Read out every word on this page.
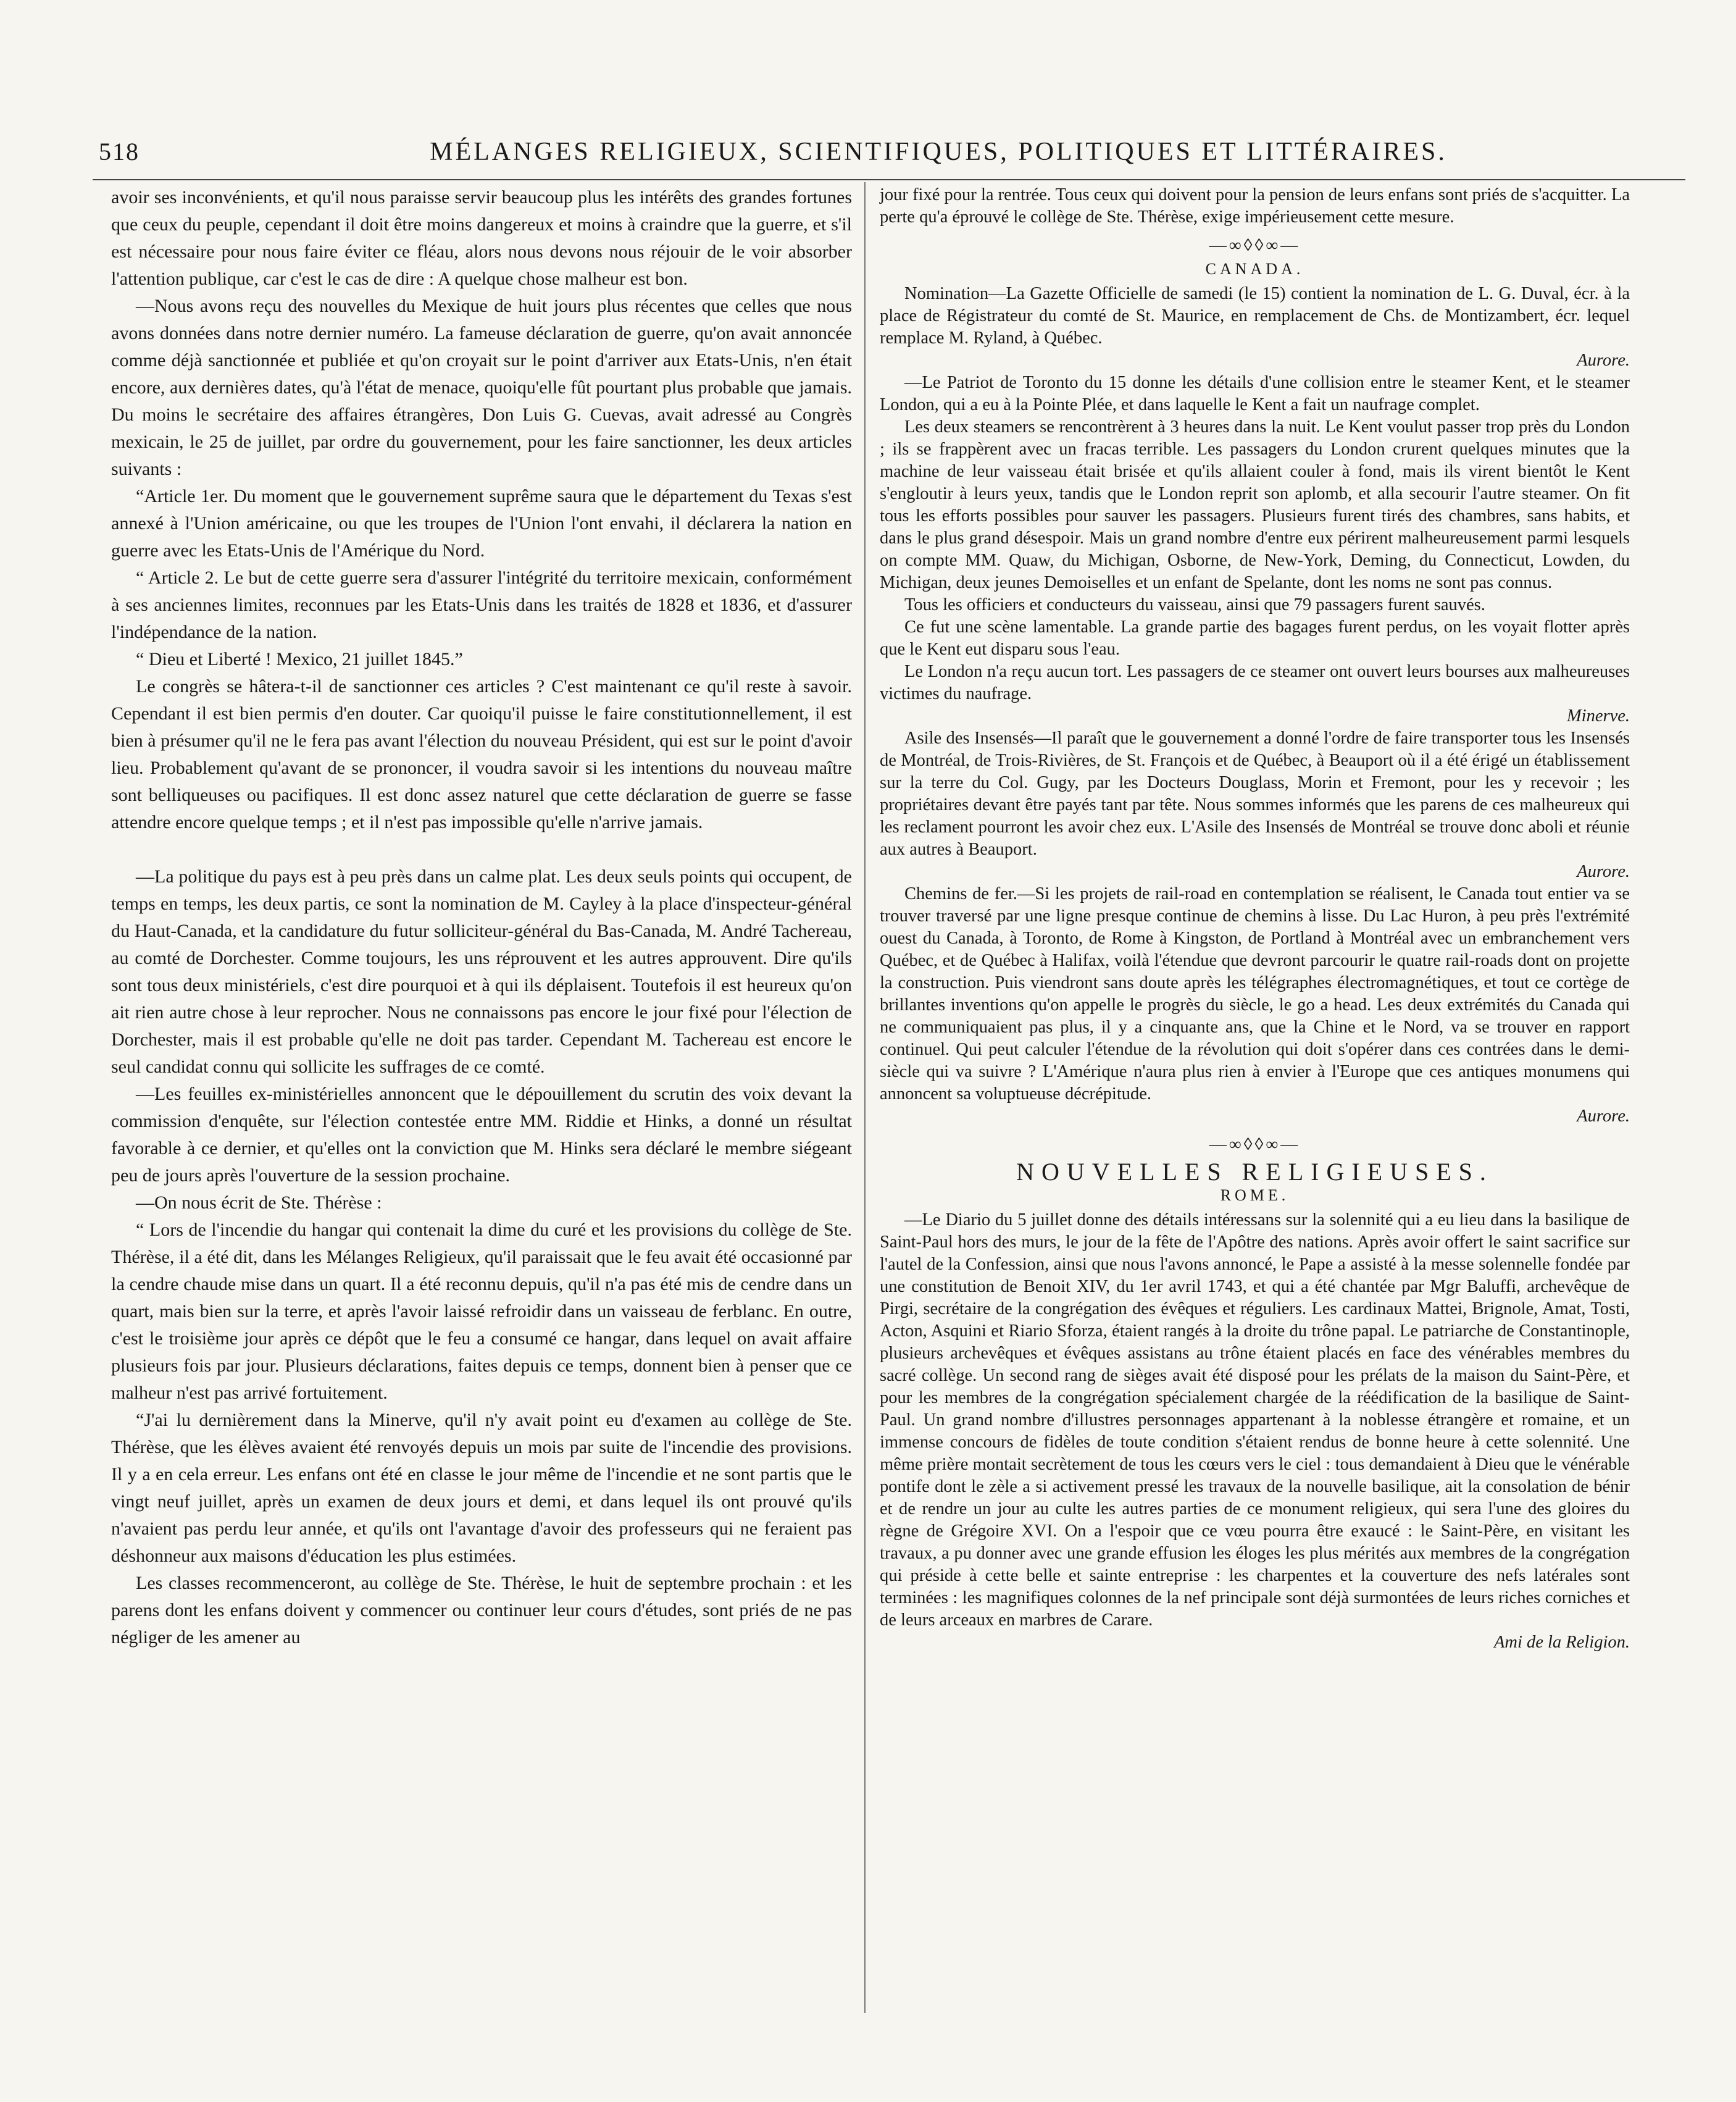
518	MÉLANGES RELIGIEUX, SCIENTIFIQUES, POLITIQUES ET LITTÉRAIRES.

avoir ses inconvénients, et qu'il nous paraisse servir beaucoup plus les intérêts des grandes fortunes que ceux du peuple, cependant il doit être moins dangereux et moins à craindre que la guerre, et s'il est nécessaire pour nous faire éviter ce fléau, alors nous devons nous réjouir de le voir absorber l'attention publique, car c'est le cas de dire : A quelque chose malheur est bon.

—Nous avons reçu des nouvelles du Mexique de huit jours plus récentes que celles que nous avons données dans notre dernier numéro. La fameuse déclaration de guerre, qu'on avait annoncée comme déjà sanctionnée et publiée et qu'on croyait sur le point d'arriver aux Etats-Unis, n'en était encore, aux dernières dates, qu'à l'état de menace, quoiqu'elle fût pourtant plus probable que jamais. Du moins le secrétaire des affaires étrangères, Don Luis G. Cuevas, avait adressé au Congrès mexicain, le 25 de juillet, par ordre du gouvernement, pour les faire sanctionner, les deux articles suivants :

“Article 1er. Du moment que le gouvernement suprême saura que le département du Texas s'est annexé à l'Union américaine, ou que les troupes de l'Union l'ont envahi, il déclarera la nation en guerre avec les Etats-Unis de l'Amérique du Nord.

“ Article 2. Le but de cette guerre sera d'assurer l'intégrité du territoire mexicain, conformément à ses anciennes limites, reconnues par les Etats-Unis dans les traités de 1828 et 1836, et d'assurer l'indépendance de la nation.

“ Dieu et Liberté ! Mexico, 21 juillet 1845.”

Le congrès se hâtera-t-il de sanctionner ces articles ? C'est maintenant ce qu'il reste à savoir. Cependant il est bien permis d'en douter. Car quoiqu'il puisse le faire constitutionnellement, il est bien à présumer qu'il ne le fera pas avant l'élection du nouveau Président, qui est sur le point d'avoir lieu. Probablement qu'avant de se prononcer, il voudra savoir si les intentions du nouveau maître sont belliqueuses ou pacifiques. Il est donc assez naturel que cette déclaration de guerre se fasse attendre encore quelque temps ; et il n'est pas impossible qu'elle n'arrive jamais.

—La politique du pays est à peu près dans un calme plat. Les deux seuls points qui occupent, de temps en temps, les deux partis, ce sont la nomination de M. Cayley à la place d'inspecteur-général du Haut-Canada, et la candidature du futur solliciteur-général du Bas-Canada, M. André Tachereau, au comté de Dorchester. Comme toujours, les uns réprouvent et les autres approuvent. Dire qu'ils sont tous deux ministériels, c'est dire pourquoi et à qui ils déplaisent. Toutefois il est heureux qu'on ait rien autre chose à leur reprocher. Nous ne connaissons pas encore le jour fixé pour l'élection de Dorchester, mais il est probable qu'elle ne doit pas tarder. Cependant M. Tachereau est encore le seul candidat connu qui sollicite les suffrages de ce comté.

—Les feuilles ex-ministérielles annoncent que le dépouillement du scrutin des voix devant la commission d'enquête, sur l'élection contestée entre MM. Riddie et Hinks, a donné un résultat favorable à ce dernier, et qu'elles ont la conviction que M. Hinks sera déclaré le membre siégeant peu de jours après l'ouverture de la session prochaine.

—On nous écrit de Ste. Thérèse :

“ Lors de l'incendie du hangar qui contenait la dime du curé et les provisions du collège de Ste. Thérèse, il a été dit, dans les Mélanges Religieux, qu'il paraissait que le feu avait été occasionné par la cendre chaude mise dans un quart. Il a été reconnu depuis, qu'il n'a pas été mis de cendre dans un quart, mais bien sur la terre, et après l'avoir laissé refroidir dans un vaisseau de ferblanc. En outre, c'est le troisième jour après ce dépôt que le feu a consumé ce hangar, dans lequel on avait affaire plusieurs fois par jour. Plusieurs déclarations, faites depuis ce temps, donnent bien à penser que ce malheur n'est pas arrivé fortuitement.

“J'ai lu dernièrement dans la Minerve, qu'il n'y avait point eu d'examen au collège de Ste. Thérèse, que les élèves avaient été renvoyés depuis un mois par suite de l'incendie des provisions. Il y a en cela erreur. Les enfans ont été en classe le jour même de l'incendie et ne sont partis que le vingt neuf juillet, après un examen de deux jours et demi, et dans lequel ils ont prouvé qu'ils n'avaient pas perdu leur année, et qu'ils ont l'avantage d'avoir des professeurs qui ne feraient pas déshonneur aux maisons d'éducation les plus estimées.

Les classes recommenceront, au collège de Ste. Thérèse, le huit de septembre prochain : et les parens dont les enfans doivent y commencer ou continuer leur cours d'études, sont priés de ne pas négliger de les amener au

jour fixé pour la rentrée. Tous ceux qui doivent pour la pension de leurs enfans sont priés de s'acquitter. La perte qu'a éprouvé le collège de Ste. Thérèse, exige impérieusement cette mesure.

—∞◊◊∞—
CANADA.

Nomination—La Gazette Officielle de samedi (le 15) contient la nomination de L. G. Duval, écr. à la place de Régistrateur du comté de St. Maurice, en remplacement de Chs. de Montizambert, écr. lequel remplace M. Ryland, à Québec.

Aurore.

—Le Patriot de Toronto du 15 donne les détails d'une collision entre le steamer Kent, et le steamer London, qui a eu à la Pointe Plée, et dans laquelle le Kent a fait un naufrage complet.

Les deux steamers se rencontrèrent à 3 heures dans la nuit. Le Kent voulut passer trop près du London ; ils se frappèrent avec un fracas terrible. Les passagers du London crurent quelques minutes que la machine de leur vaisseau était brisée et qu'ils allaient couler à fond, mais ils virent bientôt le Kent s'engloutir à leurs yeux, tandis que le London reprit son aplomb, et alla secourir l'autre steamer. On fit tous les efforts possibles pour sauver les passagers. Plusieurs furent tirés des chambres, sans habits, et dans le plus grand désespoir. Mais un grand nombre d'entre eux périrent malheureusement parmi lesquels on compte MM. Quaw, du Michigan, Osborne, de New-York, Deming, du Connecticut, Lowden, du Michigan, deux jeunes Demoiselles et un enfant de Spelante, dont les noms ne sont pas connus.

Tous les officiers et conducteurs du vaisseau, ainsi que 79 passagers furent sauvés.

Ce fut une scène lamentable. La grande partie des bagages furent perdus, on les voyait flotter après que le Kent eut disparu sous l'eau.

Le London n'a reçu aucun tort. Les passagers de ce steamer ont ouvert leurs bourses aux malheureuses victimes du naufrage.

Minerve.

Asile des Insensés—Il paraît que le gouvernement a donné l'ordre de faire transporter tous les Insensés de Montréal, de Trois-Rivières, de St. François et de Québec, à Beauport où il a été érigé un établissement sur la terre du Col. Gugy, par les Docteurs Douglass, Morin et Fremont, pour les y recevoir ; les propriétaires devant être payés tant par tête. Nous sommes informés que les parens de ces malheureux qui les reclament pourront les avoir chez eux. L'Asile des Insensés de Montréal se trouve donc aboli et réunie aux autres à Beauport.

Aurore.

Chemins de fer.—Si les projets de rail-road en contemplation se réalisent, le Canada tout entier va se trouver traversé par une ligne presque continue de chemins à lisse. Du Lac Huron, à peu près l'extrémité ouest du Canada, à Toronto, de Rome à Kingston, de Portland à Montréal avec un embranchement vers Québec, et de Québec à Halifax, voilà l'étendue que devront parcourir le quatre rail-roads dont on projette la construction. Puis viendront sans doute après les télégraphes électromagnétiques, et tout ce cortège de brillantes inventions qu'on appelle le progrès du siècle, le go a head. Les deux extrémités du Canada qui ne communiquaient pas plus, il y a cinquante ans, que la Chine et le Nord, va se trouver en rapport continuel. Qui peut calculer l'étendue de la révolution qui doit s'opérer dans ces contrées dans le demi-siècle qui va suivre ? L'Amérique n'aura plus rien à envier à l'Europe que ces antiques monumens qui annoncent sa voluptueuse décrépitude.

Aurore.
—∞◊◊∞—
NOUVELLES RELIGIEUSES.
ROME.

—Le Diario du 5 juillet donne des détails intéressans sur la solennité qui a eu lieu dans la basilique de Saint-Paul hors des murs, le jour de la fête de l'Apôtre des nations. Après avoir offert le saint sacrifice sur l'autel de la Confession, ainsi que nous l'avons annoncé, le Pape a assisté à la messe solennelle fondée par une constitution de Benoit XIV, du 1er avril 1743, et qui a été chantée par Mgr Baluffi, archevêque de Pirgi, secrétaire de la congrégation des évêques et réguliers. Les cardinaux Mattei, Brignole, Amat, Tosti, Acton, Asquini et Riario Sforza, étaient rangés à la droite du trône papal. Le patriarche de Constantinople, plusieurs archevêques et évêques assistans au trône étaient placés en face des vénérables membres du sacré collège. Un second rang de sièges avait été disposé pour les prélats de la maison du Saint-Père, et pour les membres de la congrégation spécialement chargée de la réédification de la basilique de Saint-Paul. Un grand nombre d'illustres personnages appartenant à la noblesse étrangère et romaine, et un immense concours de fidèles de toute condition s'étaient rendus de bonne heure à cette solennité. Une même prière montait secrètement de tous les cœurs vers le ciel : tous demandaient à Dieu que le vénérable pontife dont le zèle a si activement pressé les travaux de la nouvelle basilique, ait la consolation de bénir et de rendre un jour au culte les autres parties de ce monument religieux, qui sera l'une des gloires du règne de Grégoire XVI. On a l'espoir que ce vœu pourra être exaucé : le Saint-Père, en visitant les travaux, a pu donner avec une grande effusion les éloges les plus mérités aux membres de la congrégation qui préside à cette belle et sainte entreprise : les charpentes et la couverture des nefs latérales sont terminées : les magnifiques colonnes de la nef principale sont déjà surmontées de leurs riches corniches et de leurs arceaux en marbres de Carare.

Ami de la Religion.
